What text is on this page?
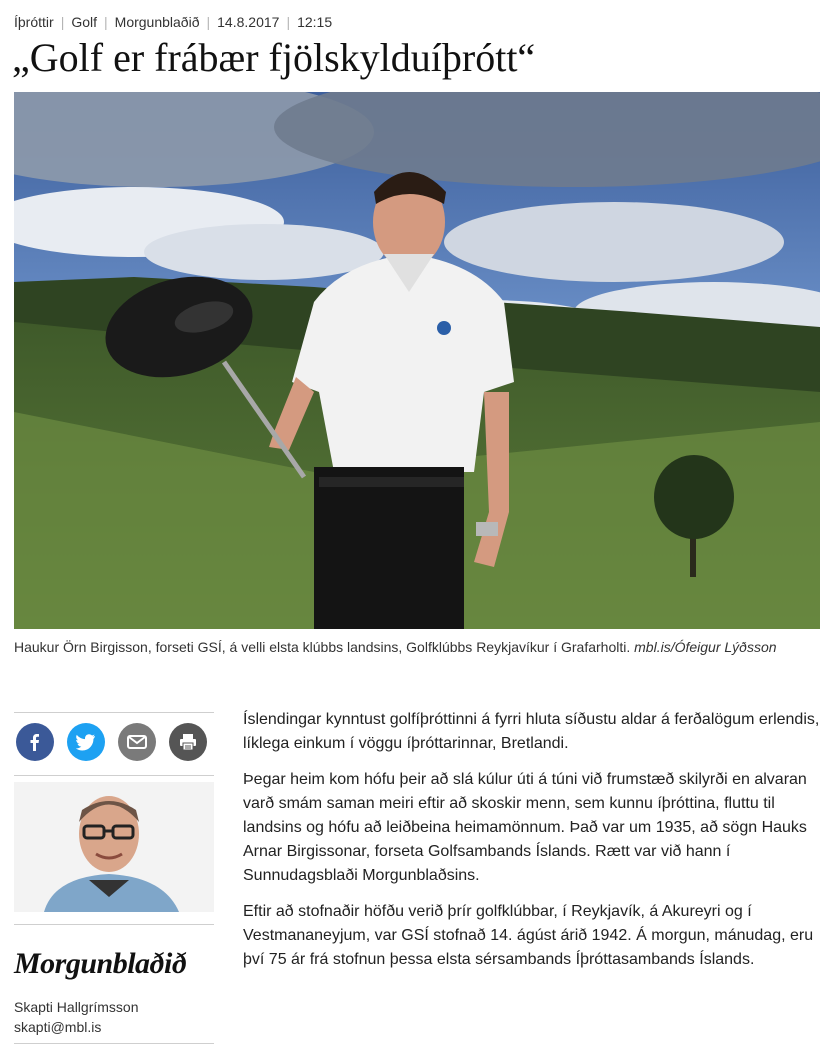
Íþróttir | Golf | Morgunblaðið | 14.8.2017 | 12:15
„Golf er frábær fjölskylduíþrótt“
Haukur Örn Birgisson, forseti GSÍ, á velli elsta klúbbs landsins, Golfklúbbs Reykjavíkur í Grafarholti. mbl.is/Ófeigur Lýðsson
Morgunblaðið
Skapti Hallgrímsson
skapti@mbl.is

Íslendingar kynntust golfíþróttinni á fyrri hluta síðustu aldar á ferðalögum erlendis, líklega einkum í vöggu íþróttarinnar, Bretlandi.

Þegar heim kom hófu þeir að slá kúlur úti á túni við frumstæð skilyrði en alvaran varð smám saman meiri eftir að skoskir menn, sem kunnu íþróttina, fluttu til landsins og hófu að leiðbeina heimamönnum. Það var um 1935, að sögn Hauks Arnar Birgissonar, forseta Golfsambands Íslands. Rætt var við hann í Sunnudagsblaði Morgunblaðsins.

Eftir að stofnaðir höfðu verið þrír golfklúbbar, í Reykjavík, á Akureyri og í Vestmananeyjum, var GSÍ stofnað 14. ágúst árið 1942. Á morgun, mánudag, eru því 75 ár frá stofnun þessa elsta sérsambands Íþróttasambands Íslands.
